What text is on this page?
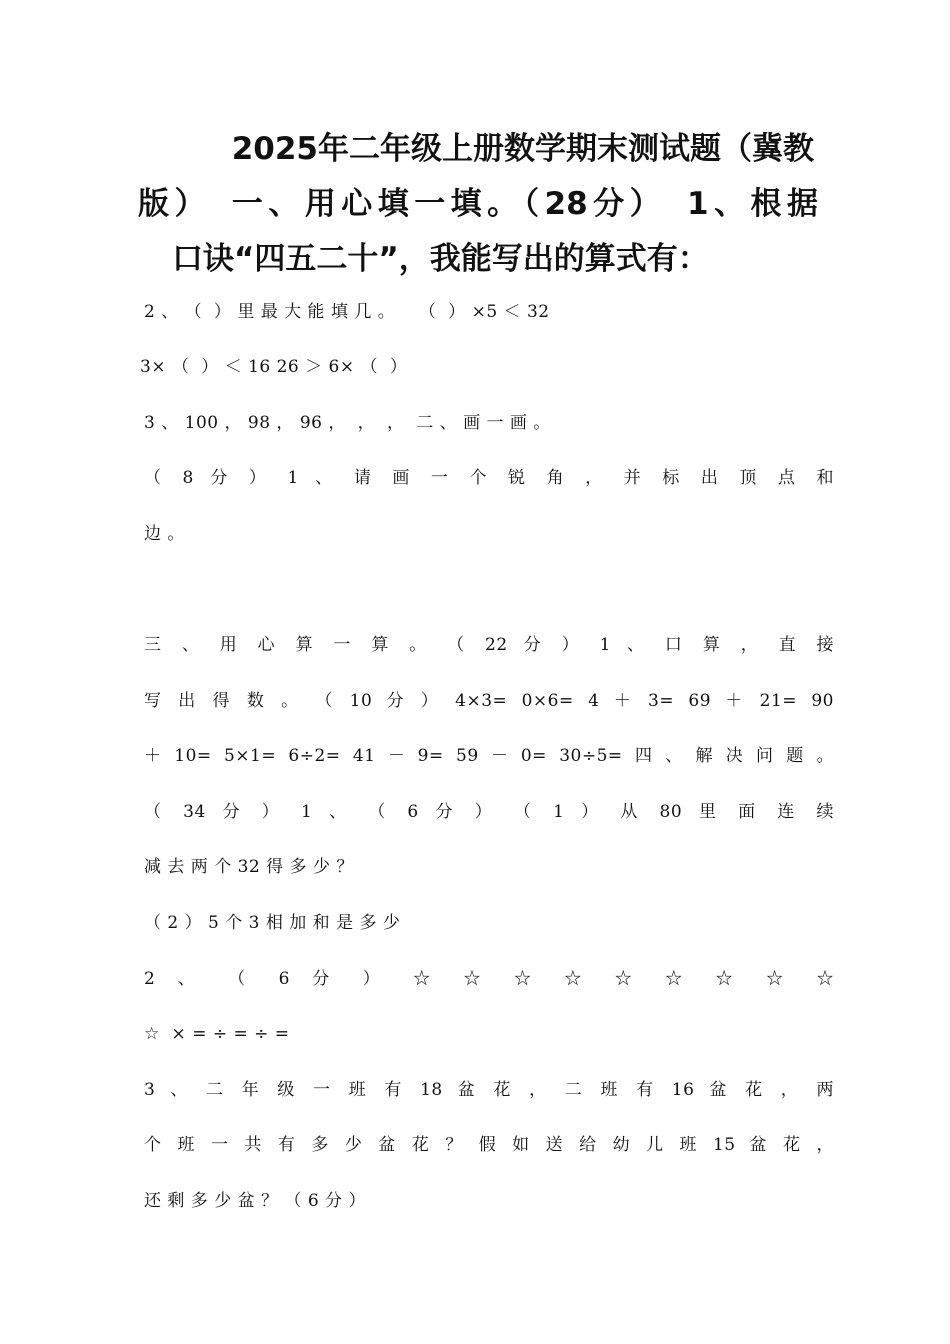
2025年二年级上册数学期末测试题（冀教
版）　一、用心填一填。（28分）　1、根据
口诀“四五二十”，我能写出的算式有：
2 、 （  ） 里 最 大 能 填 几 。    （  ） ×5 ＜ 32
3× （  ） ＜ 16 26 ＞ 6× （  ）
3 、 100 ， 98 ， 96 ，  ，  ，  二 、 画 一 画 。
（ 8 分 ） 1 、 请 画 一 个 锐 角 ， 并 标 出 顶 点 和
边 。
三 、 用 心 算 一 算 。 （ 22 分 ） 1 、 口 算 ， 直 接
写 出 得 数 。 （ 10 分 ） 4×3= 0×6= 4 ＋ 3= 69 ＋ 21= 90
＋ 10= 5×1= 6÷2= 41 － 9= 59 － 0= 30÷5= 四 、 解 决 问 题 。
（ 34 分 ） 1 、 （ 6 分 ） （ 1 ） 从 80 里 面 连 续
减 去 两 个 32 得 多 少 ？
（ 2 ） 5 个 3 相 加 和 是 多 少
2 、 （ 6 分 ） ☆ ☆ ☆ ☆ ☆ ☆ ☆ ☆ ☆
☆  × = ÷ = ÷ =
3 、 二 年 级 一 班 有 18 盆 花 ， 二 班 有 16 盆 花 ， 两
个 班 一 共 有 多 少 盆 花 ？ 假 如 送 给 幼 儿 班 15 盆 花 ，
还 剩 多 少 盆 ？ （ 6 分 ）
